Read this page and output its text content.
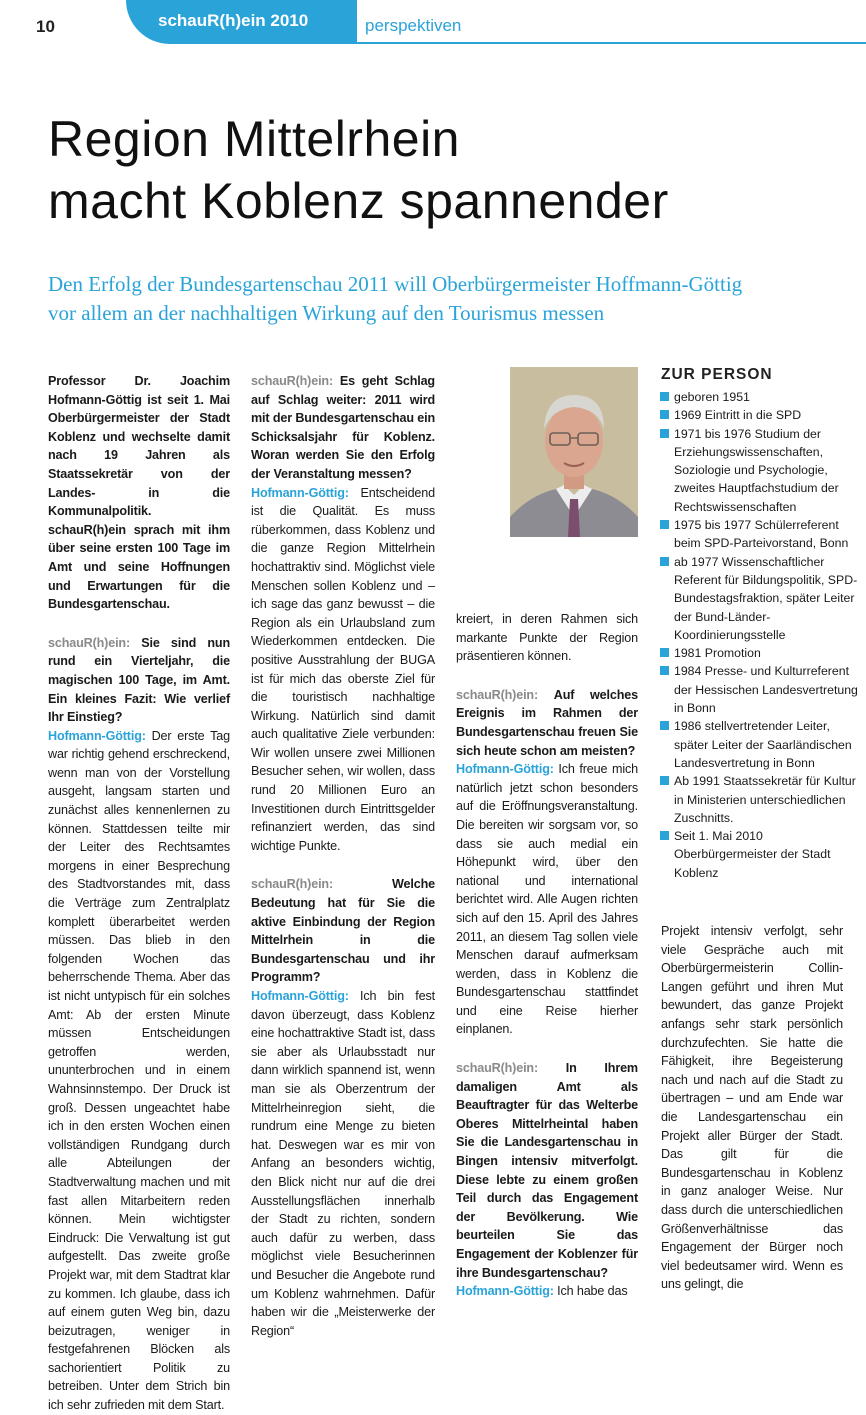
10	schauR(h)ein 2010	perspektiven
Region Mittelrhein
macht Koblenz spannender

Den Erfolg der Bundesgartenschau 2011 will Oberbürgermeister Hoffmann-Göttig
vor allem an der nachhaltigen Wirkung auf den Tourismus messen

Professor Dr. Joachim Hofmann-Göttig ist seit 1. Mai Oberbürgermeister der Stadt Koblenz und wechselte damit nach 19 Jahren als Staatssekretär von der Landes- in die Kommunalpolitik. schauR(h)ein sprach mit ihm über seine ersten 100 Tage im Amt und seine Hoffnungen und Erwartungen für die Bundesgartenschau.

schauR(h)ein: Sie sind nun rund ein Vierteljahr, die magischen 100 Tage, im Amt. Ein kleines Fazit: Wie verlief Ihr Einstieg?

Hofmann-Göttig: Der erste Tag war richtig gehend erschreckend, wenn man von der Vorstellung ausgeht, langsam starten und zunächst alles kennenlernen zu können. Stattdessen teilte mir der Leiter des Rechtsamtes morgens in einer Besprechung des Stadtvorstandes mit, dass die Verträge zum Zentralplatz komplett überarbeitet werden müssen. Das blieb in den folgenden Wochen das beherrschende Thema. Aber das ist nicht untypisch für ein solches Amt: Ab der ersten Minute müssen Entscheidungen getroffen werden, ununterbrochen und in einem Wahnsinnstempo. Der Druck ist groß. Dessen ungeachtet habe ich in den ersten Wochen einen vollständigen Rundgang durch alle Abteilungen der Stadtverwaltung machen und mit fast allen Mitarbeitern reden können. Mein wichtigster Eindruck: Die Verwaltung ist gut aufgestellt. Das zweite große Projekt war, mit dem Stadtrat klar zu kommen. Ich glaube, dass ich auf einem guten Weg bin, dazu beizutragen, weniger in festgefahrenen Blöcken als sachorientiert Politik zu betreiben. Unter dem Strich bin ich sehr zufrieden mit dem Start.

schauR(h)ein: Es geht Schlag auf Schlag weiter: 2011 wird mit der Bundesgartenschau ein Schicksalsjahr für Koblenz. Woran werden Sie den Erfolg der Veranstaltung messen?

Hofmann-Göttig: Entscheidend ist die Qualität. Es muss rüberkommen, dass Koblenz und die ganze Region Mittelrhein hochattraktiv sind. Möglichst viele Menschen sollen Koblenz und – ich sage das ganz bewusst – die Region als ein Urlaubsland zum Wiederkommen entdecken. Die positive Ausstrahlung der BUGA ist für mich das oberste Ziel für die touristisch nachhaltige Wirkung. Natürlich sind damit auch qualitative Ziele verbunden: Wir wollen unsere zwei Millionen Besucher sehen, wir wollen, dass rund 20 Millionen Euro an Investitionen durch Eintrittsgelder refinanziert werden, das sind wichtige Punkte.

schauR(h)ein:	Welche Bedeutung hat für Sie die aktive Einbindung der Region Mittelrhein in die Bundesgartenschau und ihr Programm?

Hofmann-Göttig: Ich bin fest davon überzeugt, dass Koblenz eine hochattraktive Stadt ist, dass sie aber als Urlaubsstadt nur dann wirklich spannend ist, wenn man sie als Oberzentrum der Mittelrheinregion sieht, die rundrum eine Menge zu bieten hat. Deswegen war es mir von Anfang an besonders wichtig, den Blick nicht nur auf die drei Ausstellungsflächen innerhalb der Stadt zu richten, sondern auch dafür zu werben, dass möglichst viele Besucherinnen und Besucher die Angebote rund um Koblenz wahrnehmen. Dafür haben wir die „Meisterwerke der Region“

kreiert, in deren Rahmen sich markante Punkte der Region präsentieren können.

schauR(h)ein: Auf welches Ereignis im Rahmen der Bundesgartenschau freuen Sie sich heute schon am meisten?

Hofmann-Göttig: Ich freue mich natürlich jetzt schon besonders auf die Eröffnungsveranstaltung. Die bereiten wir sorgsam vor, so dass sie auch medial ein Höhepunkt wird, über den national und international berichtet wird. Alle Augen richten sich auf den 15. April des Jahres 2011, an diesem Tag sollen viele Menschen darauf aufmerksam werden, dass in Koblenz die Bundesgartenschau stattfindet und eine Reise hierher einplanen.

schauR(h)ein: In Ihrem damaligen Amt als Beauftragter für das Welterbe Oberes Mittelrheintal haben Sie die Landesgartenschau in Bingen intensiv mitverfolgt. Diese lebte zu einem großen Teil durch das Engagement der Bevölkerung. Wie beurteilen Sie das Engagement der Koblenzer für ihre Bundesgartenschau?

Hofmann-Göttig: Ich habe das

ZUR PERSON

geboren 1951
1969 Eintritt in die SPD
1971 bis 1976 Studium der Erziehungswissenschaften, Soziologie und Psychologie, zweites Hauptfachstudium der Rechtswissenschaften
1975 bis 1977 Schülerreferent beim SPD-Parteivorstand, Bonn
ab 1977 Wissenschaftlicher Referent für Bildungspolitik, SPD-Bundestagsfraktion, später Leiter der Bund-Länder-Koordinierungsstelle
1981 Promotion
1984 Presse- und Kulturreferent der Hessischen Landesvertretung in Bonn
1986 stellvertretender Leiter, später Leiter der Saarländischen Landesvertretung in Bonn
Ab 1991 Staatssekretär für Kultur in Ministerien unterschiedlichen Zuschnitts.
Seit 1. Mai 2010 Oberbürgermeister der Stadt Koblenz

Projekt intensiv verfolgt, sehr viele Gespräche auch mit Oberbürgermeisterin Collin-Langen geführt und ihren Mut bewundert, das ganze Projekt anfangs sehr stark persönlich durchzufechten. Sie hatte die Fähigkeit, ihre Begeisterung nach und nach auf die Stadt zu übertragen – und am Ende war die Landesgartenschau ein Projekt aller Bürger der Stadt. Das gilt für die Bundesgartenschau in Koblenz in ganz analoger Weise. Nur dass durch die unterschiedlichen Größenverhältnisse das Engagement der Bürger noch viel bedeutsamer wird. Wenn es uns gelingt, die
